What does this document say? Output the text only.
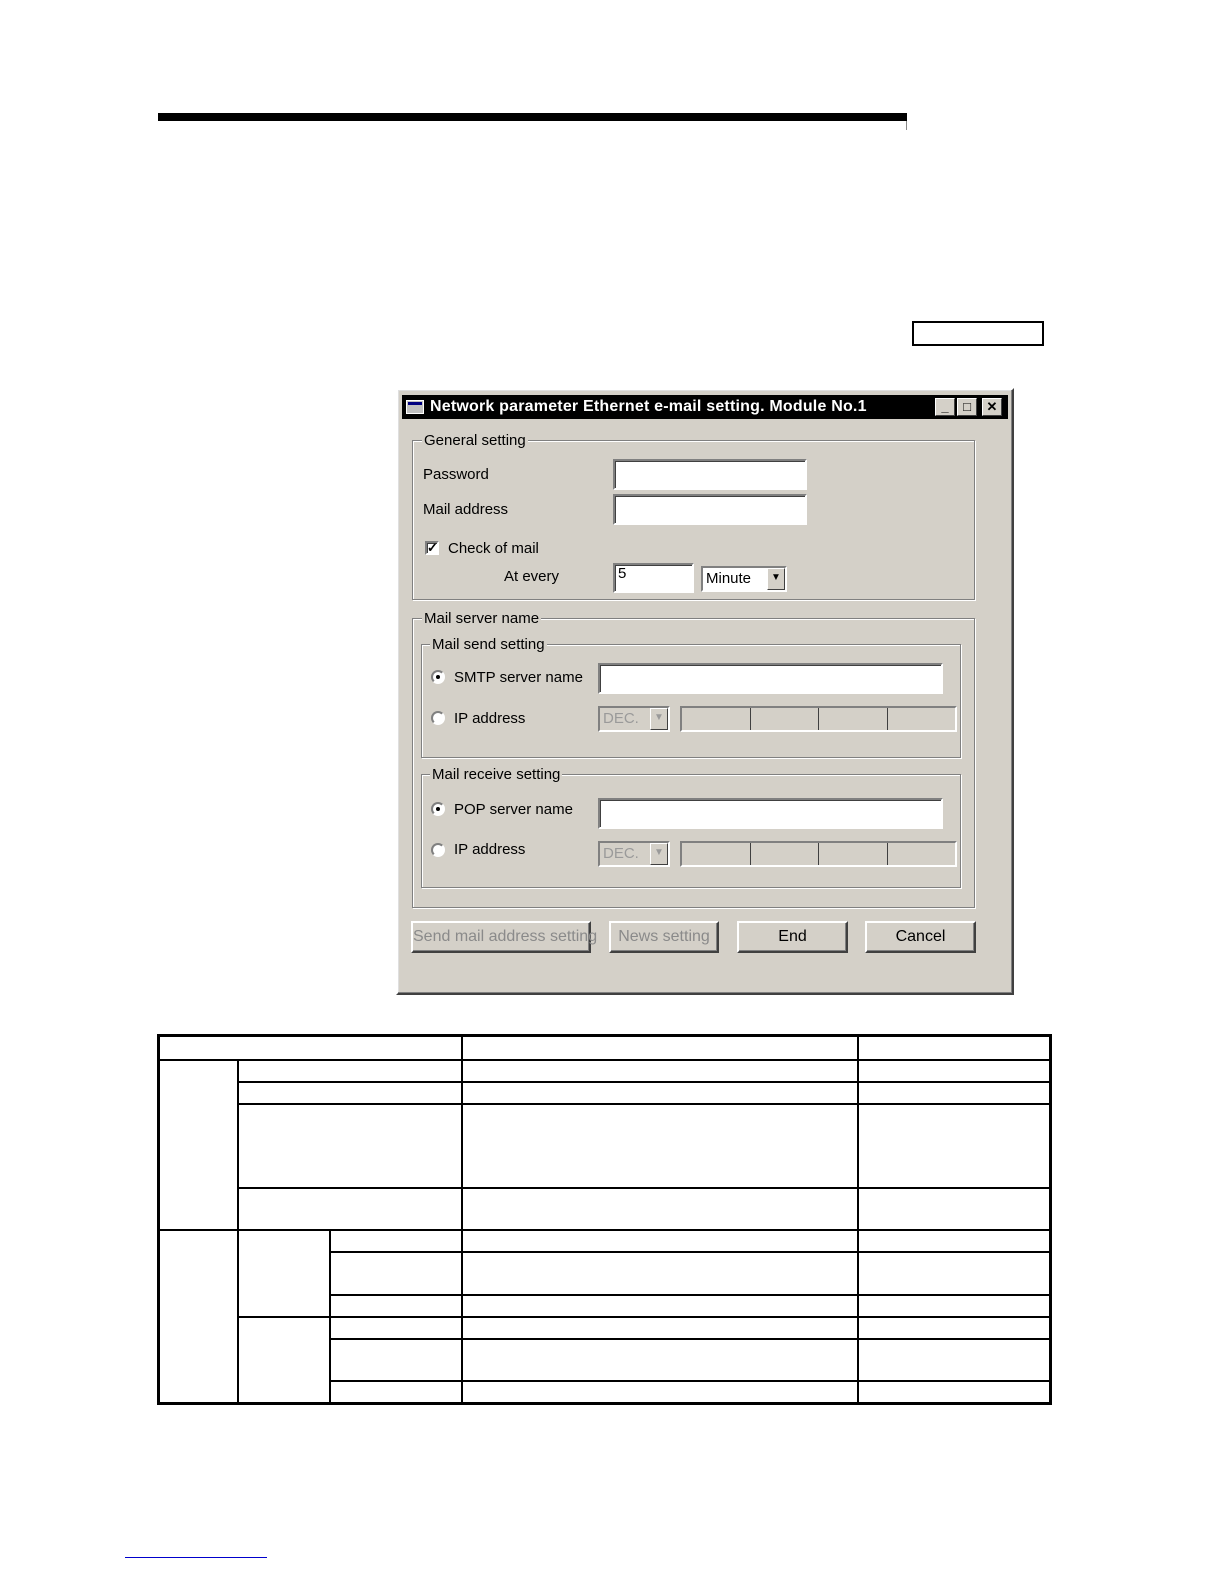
Network parameter Ethernet e-mail setting. Module No.1	_	□	✕
General setting
Password
Mail address
✓ Check of mail
At every	5	Minute	▼
Mail server name
Mail send setting
SMTP server name
IP address	DEC.	▼
Mail receive setting
POP server name
IP address	DEC.	▼
Send mail address setting	News setting	End	Cancel
